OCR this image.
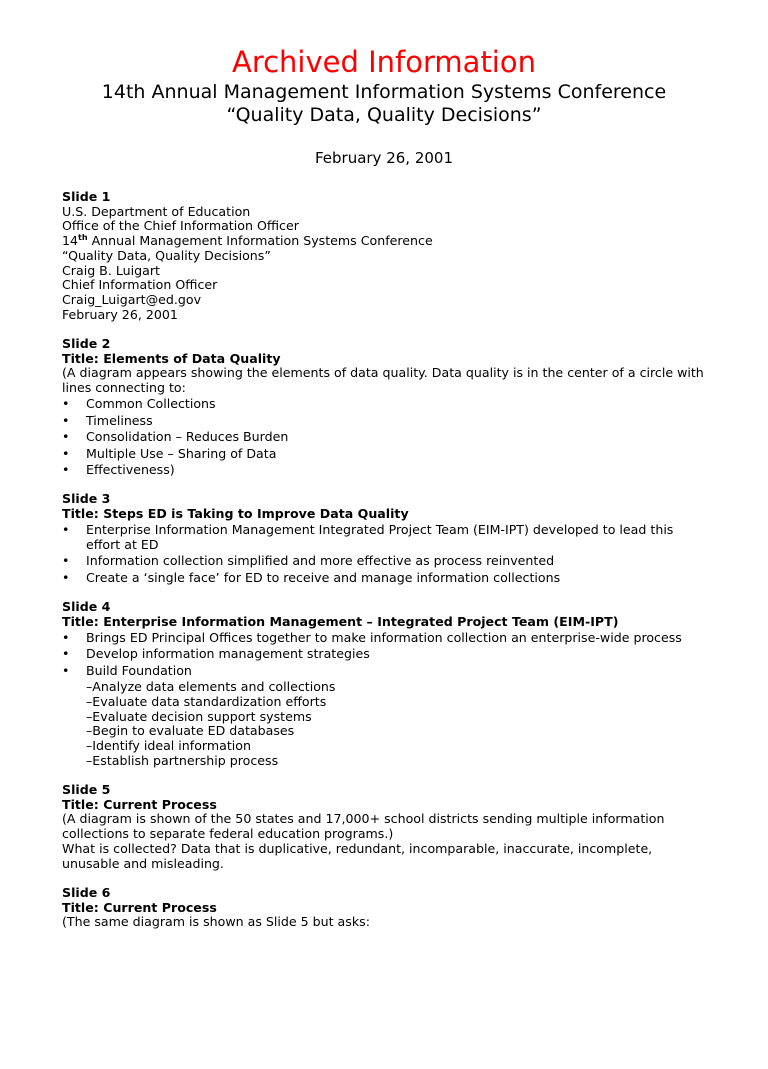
Archived Information
14th Annual Management Information Systems Conference
“Quality Data, Quality Decisions”
February 26, 2001
Slide 1
U.S. Department of Education
Office of the Chief Information Officer
14th Annual Management Information Systems Conference
“Quality Data, Quality Decisions”
Craig B. Luigart
Chief Information Officer
Craig_Luigart@ed.gov
February 26, 2001
Slide 2
Title: Elements of Data Quality
(A diagram appears showing the elements of data quality. Data quality is in the center of a circle with lines connecting to:
• Common Collections
• Timeliness
• Consolidation – Reduces Burden
• Multiple Use – Sharing of Data
• Effectiveness)
Slide 3
Title: Steps ED is Taking to Improve Data Quality
• Enterprise Information Management Integrated Project Team (EIM-IPT) developed to lead this effort at ED
• Information collection simplified and more effective as process reinvented
• Create a ‘single face’ for ED to receive and manage information collections
Slide 4
Title: Enterprise Information Management – Integrated Project Team (EIM-IPT)
• Brings ED Principal Offices together to make information collection an enterprise-wide process
• Develop information management strategies
• Build Foundation
–Analyze data elements and collections
–Evaluate data standardization efforts
–Evaluate decision support systems
–Begin to evaluate ED databases
–Identify ideal information
–Establish partnership process
Slide 5
Title: Current Process
(A diagram is shown of the 50 states and 17,000+ school districts sending multiple information collections to separate federal education programs.)
What is collected? Data that is duplicative, redundant, incomparable, inaccurate, incomplete, unusable and misleading.
Slide 6
Title: Current Process
(The same diagram is shown as Slide 5 but asks:
